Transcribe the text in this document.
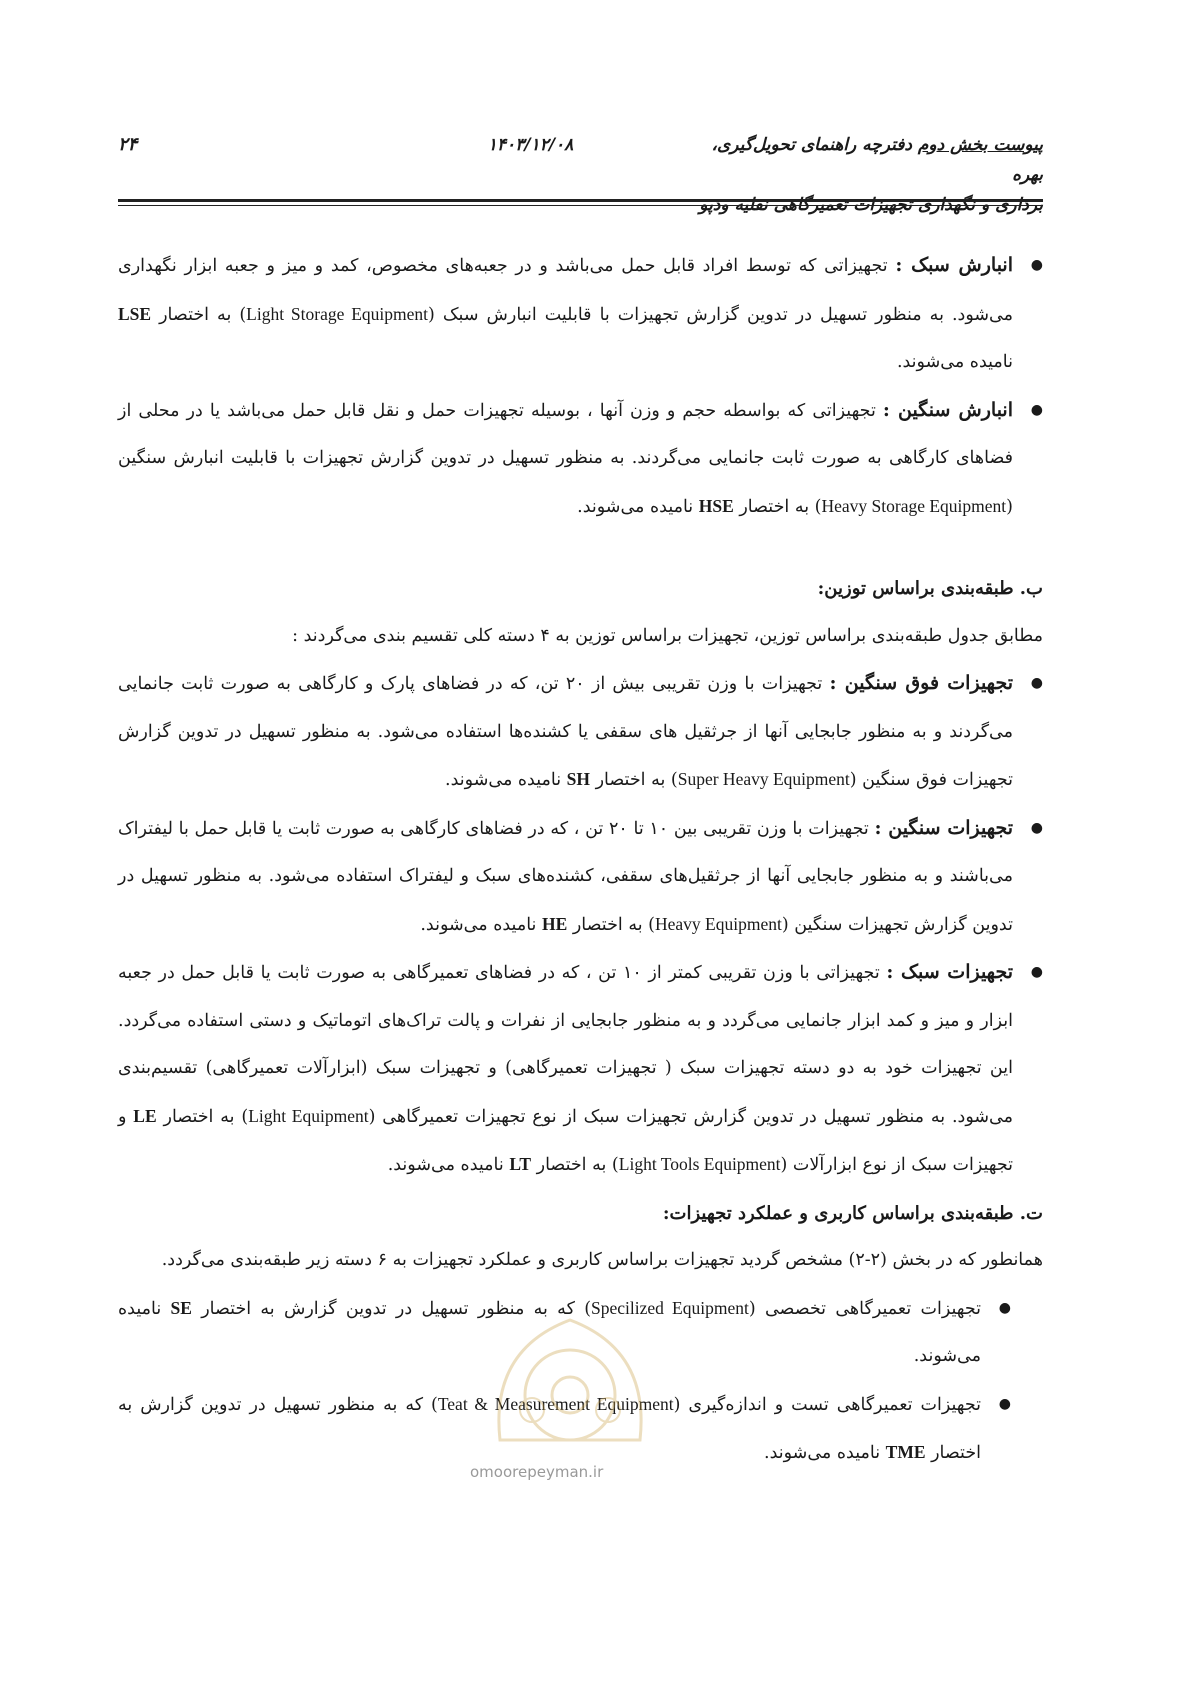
پیوست بخش دوم دفترچه راهنمای تحویل‌گیری، بهره
برداری و نگهداری تجهیزات تعمیرگاهی نقلیه ودپو
۱۴۰۳/۱۲/۰۸
۲۴
●
انبارش سبک : تجهیزاتی که توسط افراد قابل حمل می‌باشد و در جعبه‌های مخصوص، کمد و میز و جعبه ابزار نگهداری می‌شود. به منظور تسهیل در تدوین گزارش تجهیزات با قابلیت انبارش سبک (Light Storage Equipment) به اختصار LSE نامیده می‌شوند.
●
انبارش سنگین : تجهیزاتی که بواسطه حجم و وزن آنها ، بوسیله تجهیزات حمل و نقل قابل حمل می‌باشد یا در محلی از فضاهای کارگاهی به صورت ثابت جانمایی می‌گردند. به منظور تسهیل در تدوین گزارش تجهیزات با قابلیت انبارش سنگین (Heavy Storage Equipment) به اختصار HSE نامیده می‌شوند.

ب. طبقه‌بندی براساس توزین:

مطابق جدول طبقه‌بندی براساس توزین، تجهیزات براساس توزین به ۴ دسته کلی تقسیم بندی می‌گردند :

●
تجهیزات فوق سنگین : تجهیزات با وزن تقریبی بیش از ۲۰ تن، که در فضاهای پارک و کارگاهی به صورت ثابت جانمایی می‌گردند و به منظور جابجایی آنها از جرثقیل های سقفی یا کشنده‌ها استفاده می‌شود. به منظور تسهیل در تدوین گزارش تجهیزات فوق سنگین (Super Heavy Equipment) به اختصار SH نامیده می‌شوند.
●
تجهیزات سنگین : تجهیزات با وزن تقریبی بین ۱۰ تا ۲۰ تن ، که در فضاهای کارگاهی به صورت ثابت یا قابل حمل با لیفتراک می‌باشند و به منظور جابجایی آنها از جرثقیل‌های سقفی، کشنده‌های سبک و لیفتراک استفاده می‌شود. به منظور تسهیل در تدوین گزارش تجهیزات سنگین (Heavy Equipment) به اختصار HE نامیده می‌شوند.
●
تجهیزات سبک : تجهیزاتی با وزن تقریبی کمتر از ۱۰ تن ، که در فضاهای تعمیرگاهی به صورت ثابت یا قابل حمل در جعبه ابزار و میز و کمد ابزار جانمایی می‌گردد و به منظور جابجایی از نفرات و پالت تراک‌های اتوماتیک و دستی استفاده می‌گردد. این تجهیزات خود به دو دسته تجهیزات سبک ( تجهیزات تعمیرگاهی) و تجهیزات سبک (ابزارآلات تعمیرگاهی) تقسیم‌بندی می‌شود. به منظور تسهیل در تدوین گزارش تجهیزات سبک از نوع تجهیزات تعمیرگاهی (Light Equipment) به اختصار LE و تجهیزات سبک از نوع ابزارآلات (Light Tools Equipment) به اختصار LT نامیده می‌شوند.

ت. طبقه‌بندی براساس کاربری و عملکرد تجهیزات:

همانطور که در بخش (۲-۲) مشخص گردید تجهیزات براساس کاربری و عملکرد تجهیزات به ۶ دسته زیر طبقه‌بندی می‌گردد.

●
تجهیزات تعمیرگاهی تخصصی (Specilized Equipment) که به منظور تسهیل در تدوین گزارش به اختصار SE نامیده می‌شوند.
●
تجهیزات تعمیرگاهی تست و اندازه‌گیری (Teat & Measurement Equipment) که به منظور تسهیل در تدوین گزارش به اختصار TME نامیده می‌شوند.
omoorepeyman.ir
